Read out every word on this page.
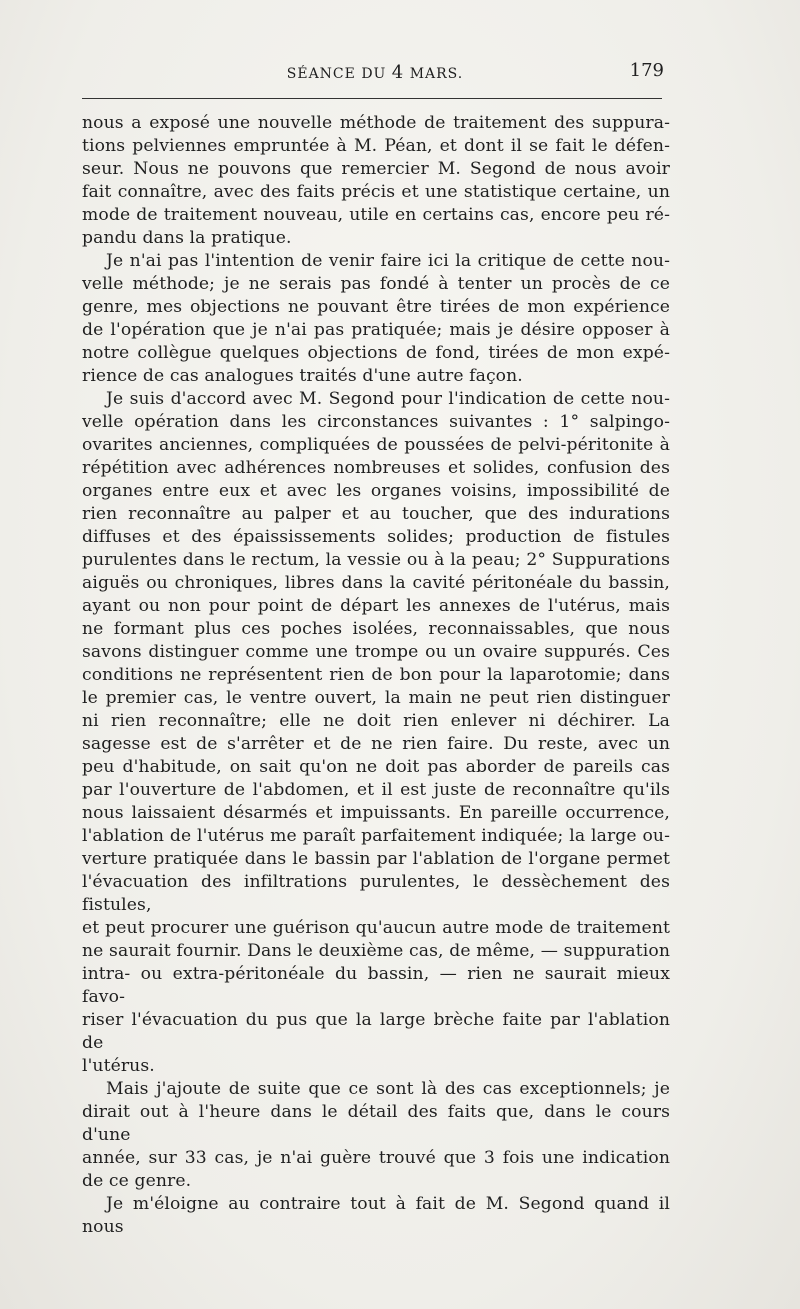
SÉANCE DU 4 MARS.	179

nous a exposé une nouvelle méthode de traitement des suppura-

tions pelviennes empruntée à M. Péan, et dont il se fait le défen-

seur. Nous ne pouvons que remercier M. Segond de nous avoir

fait connaître, avec des faits précis et une statistique certaine, un

mode de traitement nouveau, utile en certains cas, encore peu ré-

pandu dans la pratique.

Je n'ai pas l'intention de venir faire ici la critique de cette nou-

velle méthode; je ne serais pas fondé à tenter un procès de ce

genre, mes objections ne pouvant être tirées de mon expérience

de l'opération que je n'ai pas pratiquée; mais je désire opposer à

notre collègue quelques objections de fond, tirées de mon expé-

rience de cas analogues traités d'une autre façon.

Je suis d'accord avec M. Segond pour l'indication de cette nou-

velle opération dans les circonstances suivantes : 1° salpingo-

ovarites anciennes, compliquées de poussées de pelvi-péritonite à

répétition avec adhérences nombreuses et solides, confusion des

organes entre eux et avec les organes voisins, impossibilité de

rien reconnaître au palper et au toucher, que des indurations

diffuses et des épaississements solides; production de fistules

purulentes dans le rectum, la vessie ou à la peau; 2° Suppurations

aiguës ou chroniques, libres dans la cavité péritonéale du bassin,

ayant ou non pour point de départ les annexes de l'utérus, mais

ne formant plus ces poches isolées, reconnaissables, que nous

savons distinguer comme une trompe ou un ovaire suppurés. Ces

conditions ne représentent rien de bon pour la laparotomie; dans

le premier cas, le ventre ouvert, la main ne peut rien distinguer

ni rien reconnaître; elle ne doit rien enlever ni déchirer. La

sagesse est de s'arrêter et de ne rien faire. Du reste, avec un

peu d'habitude, on sait qu'on ne doit pas aborder de pareils cas

par l'ouverture de l'abdomen, et il est juste de reconnaître qu'ils

nous laissaient désarmés et impuissants. En pareille occurrence,

l'ablation de l'utérus me paraît parfaitement indiquée; la large ou-

verture pratiquée dans le bassin par l'ablation de l'organe permet

l'évacuation des infiltrations purulentes, le dessèchement des fistules,

et peut procurer une guérison qu'aucun autre mode de traitement

ne saurait fournir. Dans le deuxième cas, de même, — suppuration

intra- ou extra-péritonéale du bassin, — rien ne saurait mieux favo-

riser l'évacuation du pus que la large brèche faite par l'ablation de

l'utérus.

Mais j'ajoute de suite que ce sont là des cas exceptionnels; je

dirait out à l'heure dans le détail des faits que, dans le cours d'une

année, sur 33 cas, je n'ai guère trouvé que 3 fois une indication

de ce genre.

Je m'éloigne au contraire tout à fait de M. Segond quand il nous
